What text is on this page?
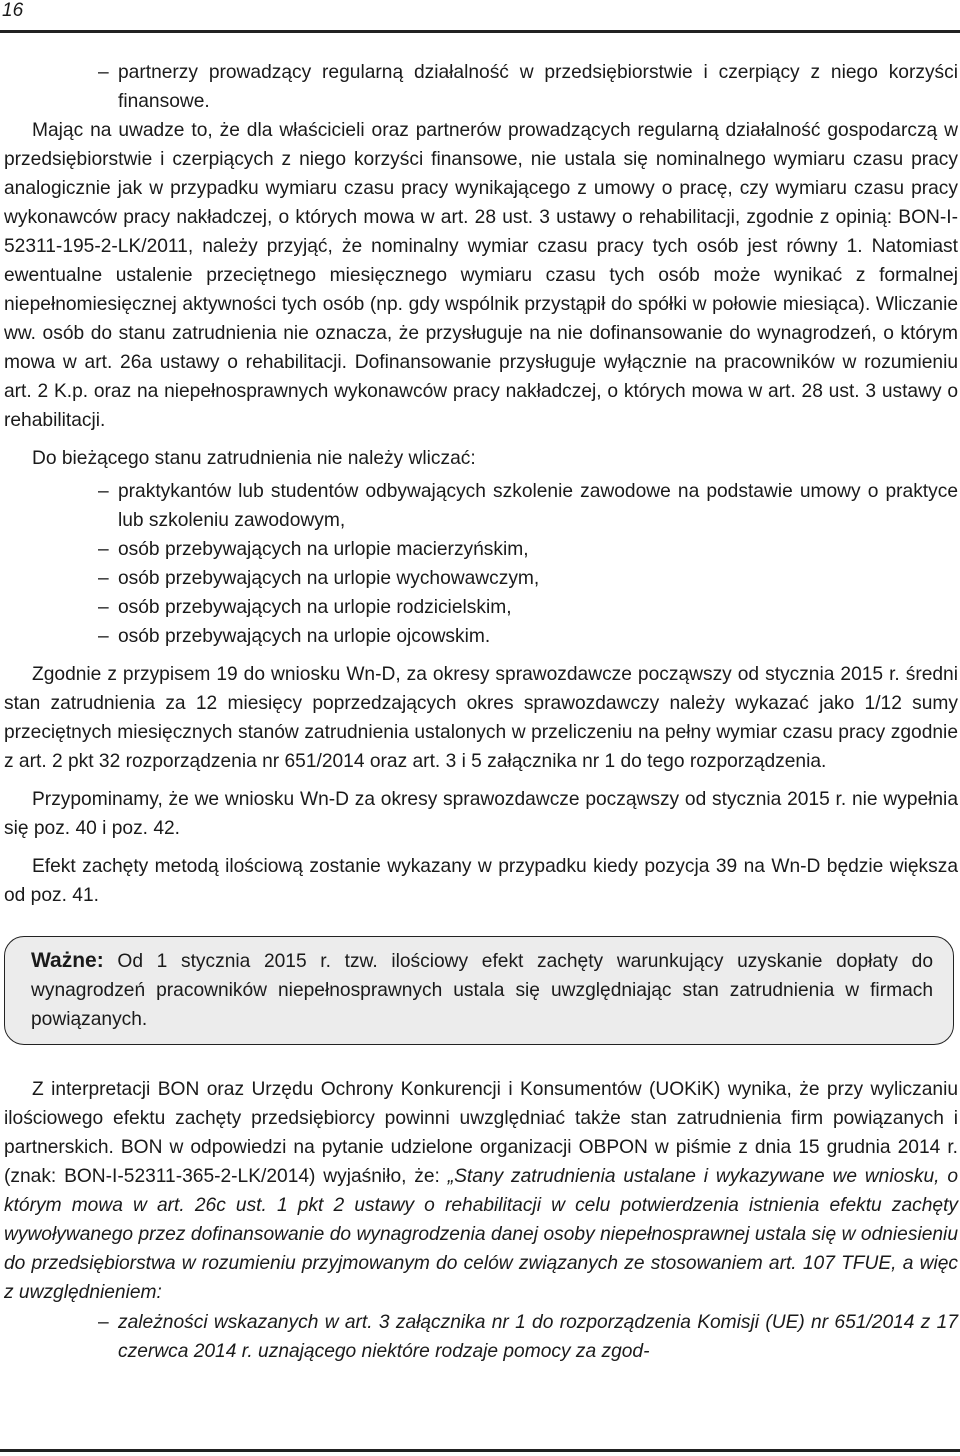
16
– partnerzy prowadzący regularną działalność w przedsiębiorstwie i czerpiący z niego korzyści finansowe.

Mając na uwadze to, że dla właścicieli oraz partnerów prowadzących regularną działalność gospodarczą w przedsiębiorstwie i czerpiących z niego korzyści finansowe, nie ustala się nominalnego wymiaru czasu pracy analogicznie jak w przypadku wymiaru czasu pracy wynikającego z umowy o pracę, czy wymiaru czasu pracy wykonawców pracy nakładczej, o których mowa w art. 28 ust. 3 ustawy o rehabilitacji, zgodnie z opinią: BON-I-52311-195-2-LK/2011, należy przyjąć, że nominalny wymiar czasu pracy tych osób jest równy 1. Natomiast ewentualne ustalenie przeciętnego miesięcznego wymiaru czasu tych osób może wynikać z formalnej niepełnomiesięcznej aktywności tych osób (np. gdy wspólnik przystąpił do spółki w połowie miesiąca). Wliczanie ww. osób do stanu zatrudnienia nie oznacza, że przysługuje na nie dofinansowanie do wynagrodzeń, o którym mowa w art. 26a ustawy o rehabilitacji. Dofinansowanie przysługuje wyłącznie na pracowników w rozumieniu art. 2 K.p. oraz na niepełnosprawnych wykonawców pracy nakładczej, o których mowa w art. 28 ust. 3 ustawy o rehabilitacji.

Do bieżącego stanu zatrudnienia nie należy wliczać:

– praktykantów lub studentów odbywających szkolenie zawodowe na podstawie umowy o praktyce lub szkoleniu zawodowym,
– osób przebywających na urlopie macierzyńskim,
– osób przebywających na urlopie wychowawczym,
– osób przebywających na urlopie rodzicielskim,
– osób przebywających na urlopie ojcowskim.

Zgodnie z przypisem 19 do wniosku Wn-D, za okresy sprawozdawcze począwszy od stycznia 2015 r. średni stan zatrudnienia za 12 miesięcy poprzedzających okres sprawozdawczy należy wykazać jako 1/12 sumy przeciętnych miesięcznych stanów zatrudnienia ustalonych w przeliczeniu na pełny wymiar czasu pracy zgodnie z art. 2 pkt 32 rozporządzenia nr 651/2014 oraz art. 3 i 5 załącznika nr 1 do tego rozporządzenia.

Przypominamy, że we wniosku Wn-D za okresy sprawozdawcze począwszy od stycznia 2015 r. nie wypełnia się poz. 40 i poz. 42.

Efekt zachęty metodą ilościową zostanie wykazany w przypadku kiedy pozycja 39 na Wn-D będzie większa od poz. 41.

Ważne: Od 1 stycznia 2015 r. tzw. ilościowy efekt zachęty warunkujący uzyskanie dopłaty do wynagrodzeń pracowników niepełnosprawnych ustala się uwzględniając stan zatrudnienia w firmach powiązanych.

Z interpretacji BON oraz Urzędu Ochrony Konkurencji i Konsumentów (UOKiK) wynika, że przy wyliczaniu ilościowego efektu zachęty przedsiębiorcy powinni uwzględniać także stan zatrudnienia firm powiązanych i partnerskich. BON w odpowiedzi na pytanie udzielone organizacji OBPON w piśmie z dnia 15 grudnia 2014 r. (znak: BON-I-52311-365-2-LK/2014) wyjaśniło, że: „Stany zatrudnienia ustalane i wykazywane we wniosku, o którym mowa w art. 26c ust. 1 pkt 2 ustawy o rehabilitacji w celu potwierdzenia istnienia efektu zachęty wywoływanego przez dofinansowanie do wynagrodzenia danej osoby niepełnosprawnej ustala się w odniesieniu do przedsiębiorstwa w rozumieniu przyjmowanym do celów związanych ze stosowaniem art. 107 TFUE, a więc z uwzględnieniem:

– zależności wskazanych w art. 3 załącznika nr 1 do rozporządzenia Komisji (UE) nr 651/2014 z 17 czerwca 2014 r. uznającego niektóre rodzaje pomocy za zgod-
